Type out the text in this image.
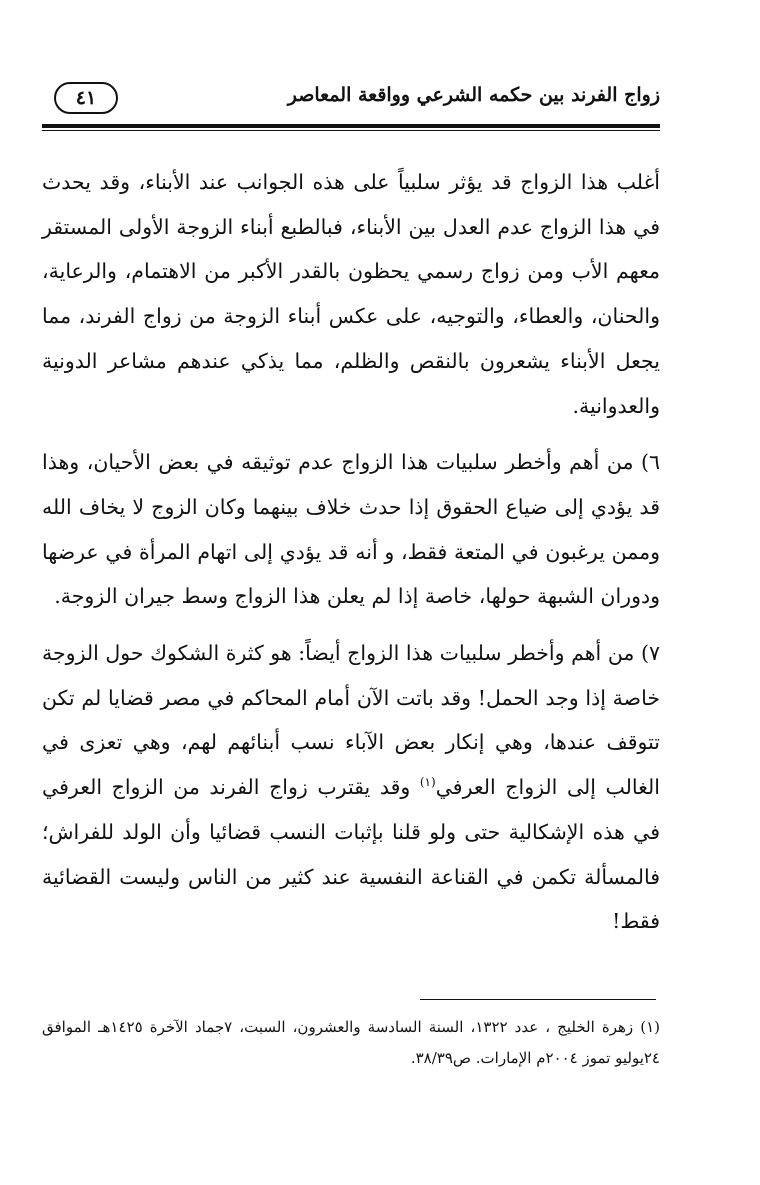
زواج الفرند بين حكمه الشرعي وواقعة المعاصر
٤١

أغلب هذا الزواج قد يؤثر سلبياً على هذه الجوانب عند الأبناء، وقد يحدث في هذا الزواج عدم العدل بين الأبناء، فبالطبع أبناء الزوجة الأولى المستقر معهم الأب ومن زواج رسمي يحظون بالقدر الأكبر من الاهتمام، والرعاية، والحنان، والعطاء، والتوجيه، على عكس أبناء الزوجة من زواج الفرند، مما يجعل الأبناء يشعرون بالنقص والظلم، مما يذكي عندهم مشاعر الدونية والعدوانية.

٦) من أهم وأخطر سلبيات هذا الزواج عدم توثيقه في بعض الأحيان، وهذا قد يؤدي إلى ضياع الحقوق إذا حدث خلاف بينهما وكان الزوج لا يخاف الله وممن يرغبون في المتعة فقط، و أنه قد يؤدي إلى اتهام المرأة في عرضها ودوران الشبهة حولها، خاصة إذا لم يعلن هذا الزواج وسط جيران الزوجة.

٧) من أهم وأخطر سلبيات هذا الزواج أيضاً: هو كثرة الشكوك حول الزوجة خاصة إذا وجد الحمل! وقد باتت الآن أمام المحاكم في مصر قضايا لم تكن تتوقف عندها، وهي إنكار بعض الآباء نسب أبنائهم لهم، وهي تعزى في الغالب إلى الزواج العرفي$^{(١)}$ وقد يقترب زواج الفرند من الزواج العرفي في هذه الإشكالية حتى ولو قلنا بإثبات النسب قضائيا وأن الولد للفراش؛ فالمسألة تكمن في القناعة النفسية عند كثير من الناس وليست القضائية فقط!

(١) زهرة الخليج ، عدد ١٣٢٢، السنة السادسة والعشرون، السبت، ٧جماد الآخرة ١٤٢٥هـ الموافق ٢٤يوليو تموز ٢٠٠٤م الإمارات. ص٣٨/٣٩.
